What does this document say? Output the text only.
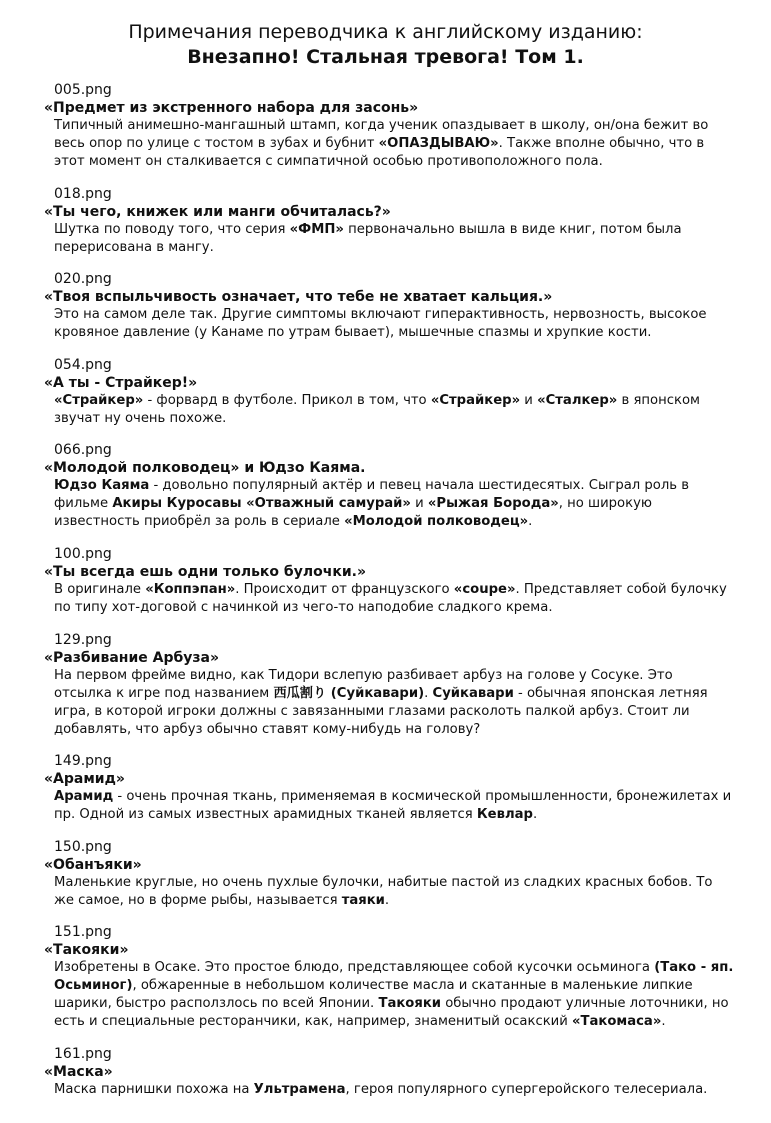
Примечания переводчика к английскому изданию:
Внезапно! Стальная тревога! Том 1.
005.png
«Предмет из экстренного набора для засонь»
Типичный анимешно-мангашный штамп, когда ученик опаздывает в школу, он/она бежит во весь опор по улице с тостом в зубах и бубнит «ОПАЗДЫВАЮ». Также вполне обычно, что в этот момент он сталкивается с симпатичной особью противоположного пола.
018.png
«Ты чего, книжек или манги обчиталась?»
Шутка по поводу того, что серия «ФМП» первоначально вышла в виде книг, потом была перерисована в мангу.
020.png
«Твоя вспыльчивость означает, что тебе не хватает кальция.»
Это на самом деле так. Другие симптомы включают гиперактивность, нервозность, высокое кровяное давление (у Канаме по утрам бывает), мышечные спазмы и хрупкие кости.
054.png
«А ты - Страйкер!»
«Страйкер» - форвард в футболе. Прикол в том, что «Страйкер» и «Сталкер» в японском звучат ну очень похоже.
066.png
«Молодой полководец» и Юдзо Каяма.
Юдзо Каяма - довольно популярный актёр и певец начала шестидесятых. Сыграл роль в фильме Акиры Куросавы «Отважный самурай» и «Рыжая Борода», но широкую известность приобрёл за роль в сериале «Молодой полководец».
100.png
«Ты всегда ешь одни только булочки.»
В оригинале «Коппэпан». Происходит от французского «coupe». Представляет собой булочку по типу хот-договой с начинкой из чего-то наподобие сладкого крема.
129.png
«Разбивание Арбуза»
На первом фрейме видно, как Тидори вслепую разбивает арбуз на голове у Сосуке. Это отсылка к игре под названием 西瓜割り (Суйкавари). Суйкавари - обычная японская летняя игра, в которой игроки должны с завязанными глазами расколоть палкой арбуз. Стоит ли добавлять, что арбуз обычно ставят кому-нибудь на голову?
149.png
«Арамид»
Арамид - очень прочная ткань, применяемая в космической промышленности, бронежилетах и пр. Одной из самых известных арамидных тканей является Кевлар.
150.png
«Обанъяки»
Маленькие круглые, но очень пухлые булочки, набитые пастой из сладких красных бобов. То же самое, но в форме рыбы, называется таяки.
151.png
«Такояки»
Изобретены в Осаке. Это простое блюдо, представляющее собой кусочки осьминога (Тако - яп. Осьминог), обжаренные в небольшом количестве масла и скатанные в маленькие липкие шарики, быстро расползлось по всей Японии. Такояки обычно продают уличные лоточники, но есть и специальные ресторанчики, как, например, знаменитый осакский «Такомаса».
161.png
«Маска»
Маска парнишки похожа на Ультрамена, героя популярного супергеройского телесериала.
